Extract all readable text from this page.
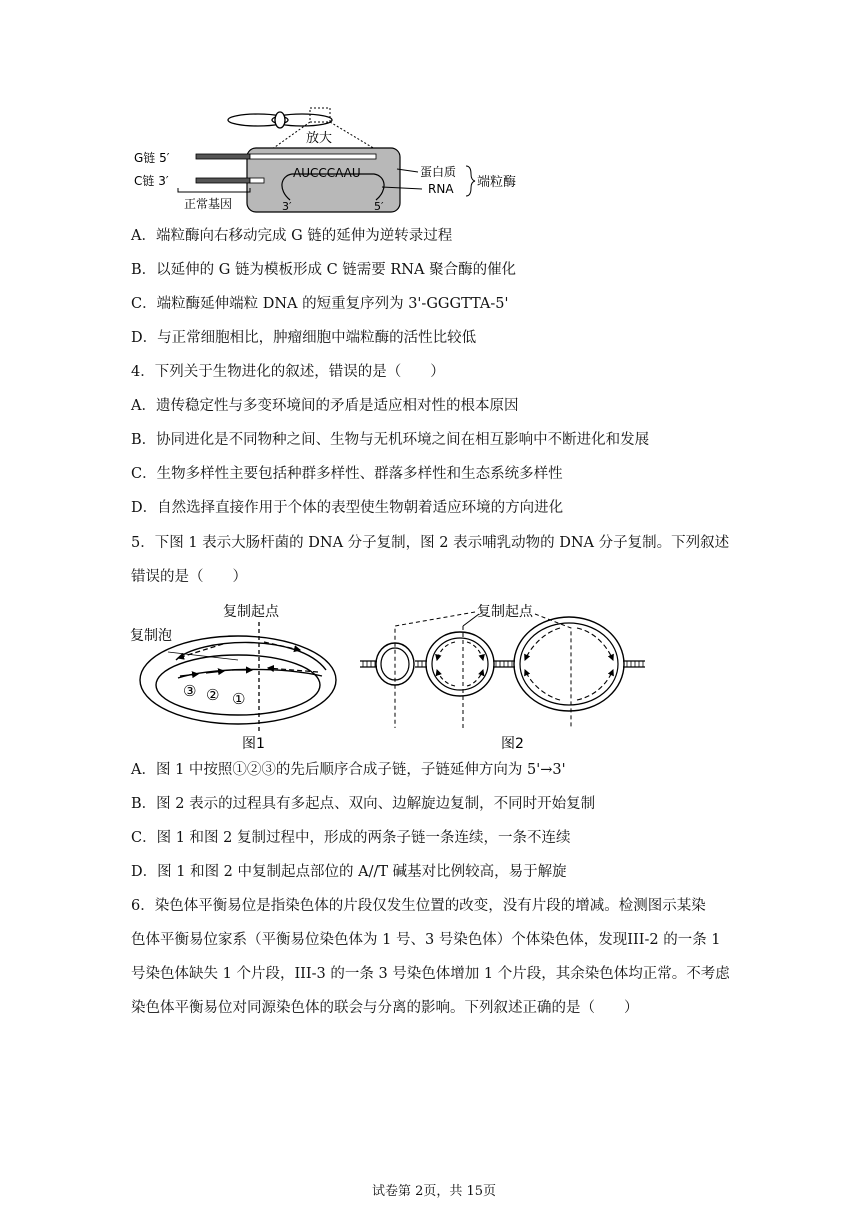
放大
G链 5′
C链 3′
正常基因
AUCCCAAU
3′	5′
蛋白质
RNA 端粒酶
A．端粒酶向右移动完成 G 链的延伸为逆转录过程
B．以延伸的 G 链为模板形成 C 链需要 RNA 聚合酶的催化
C．端粒酶延伸端粒 DNA 的短重复序列为 3'-GGGTTA-5'
D．与正常细胞相比，肿瘤细胞中端粒酶的活性比较低
4．下列关于生物进化的叙述，错误的是（　　）
A．遗传稳定性与多变环境间的矛盾是适应相对性的根本原因
B．协同进化是不同物种之间、生物与无机环境之间在相互影响中不断进化和发展
C．生物多样性主要包括种群多样性、群落多样性和生态系统多样性
D．自然选择直接作用于个体的表型使生物朝着适应环境的方向进化
5．下图 1 表示大肠杆菌的 DNA 分子复制，图 2 表示哺乳动物的 DNA 分子复制。下列叙述
错误的是（　　）
复制起点
复制泡
③ ② ①
图1
复制起点
图2
A．图 1 中按照①②③的先后顺序合成子链，子链延伸方向为 5'→3'
B．图 2 表示的过程具有多起点、双向、边解旋边复制，不同时开始复制
C．图 1 和图 2 复制过程中，形成的两条子链一条连续，一条不连续
D．图 1 和图 2 中复制起点部位的 A//T 碱基对比例较高，易于解旋
6．染色体平衡易位是指染色体的片段仅发生位置的改变，没有片段的增减。检测图示某染
色体平衡易位家系（平衡易位染色体为 1 号、3 号染色体）个体染色体，发现III-2 的一条 1
号染色体缺失 1 个片段，III-3 的一条 3 号染色体增加 1 个片段，其余染色体均正常。不考虑
染色体平衡易位对同源染色体的联会与分离的影响。下列叙述正确的是（　　）
试卷第 2页，共 15页
